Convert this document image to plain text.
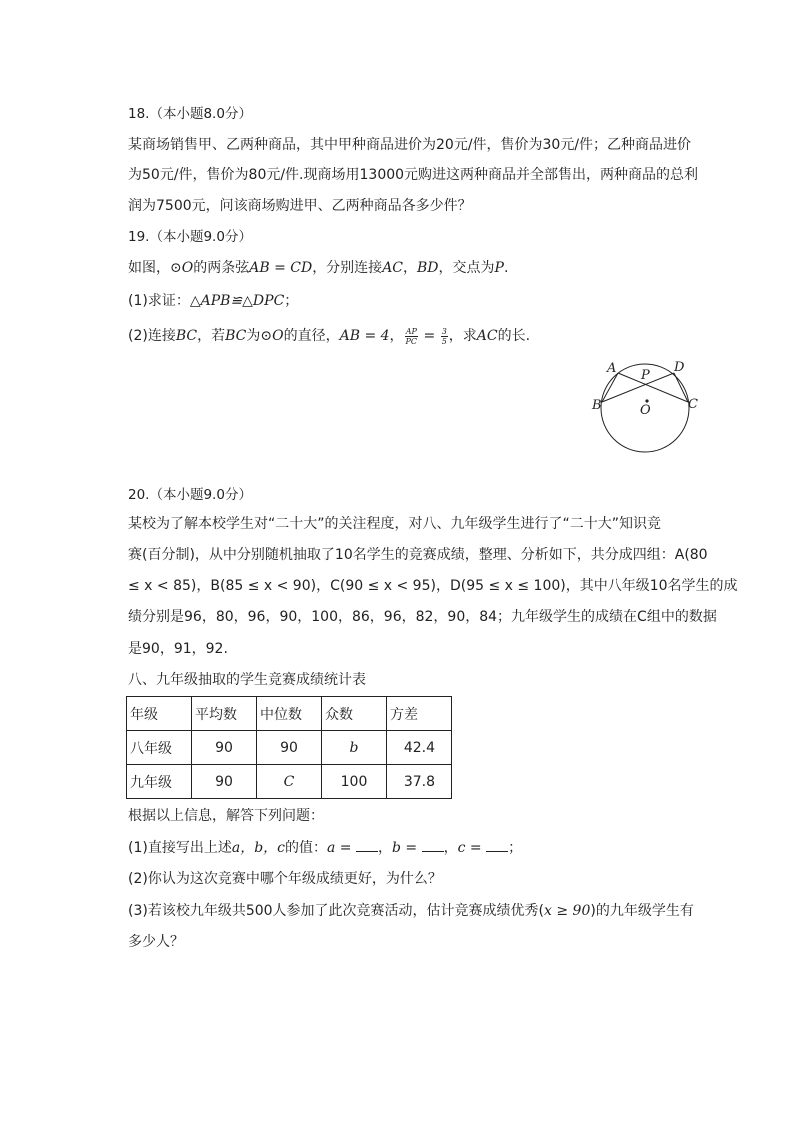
18.（本小题8.0分）
某商场销售甲、乙两种商品，其中甲种商品进价为20元/件，售价为30元/件；乙种商品进价
为50元/件，售价为80元/件.现商场用13000元购进这两种商品并全部售出，两种商品的总利
润为7500元，问该商场购进甲、乙两种商品各多少件？
19.（本小题9.0分）
如图，⊙O的两条弦AB = CD，分别连接AC，BD，交点为P.
(1)求证：△APB≌△DPC；
(2)连接BC，若BC为⊙O的直径，AB = 4， $\frac{AP}{PC} = \frac{3}{5}$ ，求AC的长.
A
B	C
D
P
O
20.（本小题9.0分）
某校为了解本校学生对“二十大”的关注程度，对八、九年级学生进行了“二十大”知识竞
赛(百分制)，从中分别随机抽取了10名学生的竞赛成绩，整理、分析如下，共分成四组：A(80
≤ x < 85)，B(85 ≤ x < 90)，C(90 ≤ x < 95)，D(95 ≤ x ≤ 100)，其中八年级10名学生的成
绩分别是96，80，96，90，100，86，96，82，90，84；九年级学生的成绩在C组中的数据
是90，91，92.
八、九年级抽取的学生竞赛成绩统计表
年级	平均数	中位数	众数	方差
八年级	90	90	b	42.4
九年级	90	C	100	37.8
根据以上信息，解答下列问题：
(1)直接写出上述a，b，c的值：a = ，b = ，c = ；
(2)你认为这次竞赛中哪个年级成绩更好，为什么？
(3)若该校九年级共500人参加了此次竞赛活动，估计竞赛成绩优秀(x ≥ 90)的九年级学生有
多少人？
